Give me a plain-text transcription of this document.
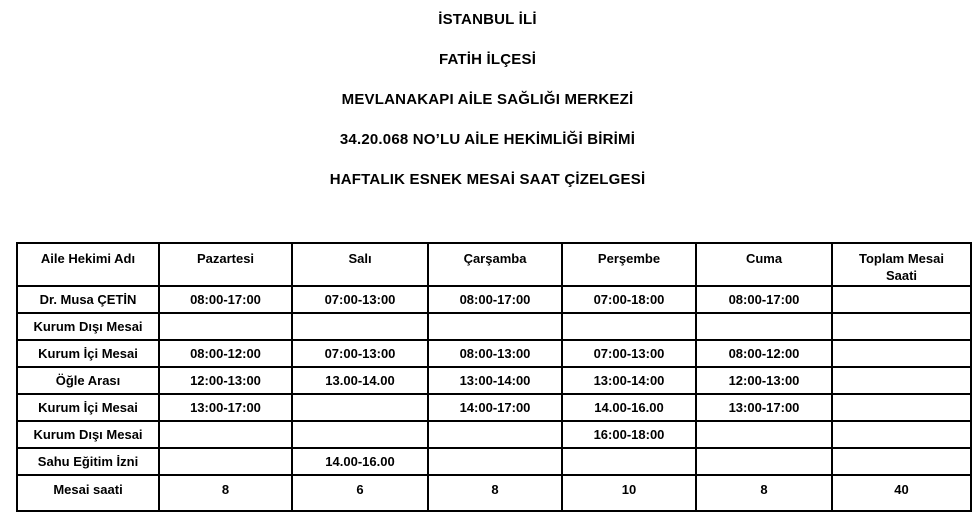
İSTANBUL İLİ
FATİH İLÇESİ
MEVLANAKAPI AİLE SAĞLIĞI MERKEZİ
34.20.068 NO’LU AİLE HEKİMLİĞİ BİRİMİ
HAFTALIK ESNEK MESAİ SAAT ÇİZELGESİ
Aile Hekimi Adı	Pazartesi	Salı	Çarşamba	Perşembe	Cuma	Toplam Mesai Saati
Dr. Musa ÇETİN	08:00-17:00	07:00-13:00	08:00-17:00	07:00-18:00	08:00-17:00	
Kurum Dışı Mesai						
Kurum İçi Mesai	08:00-12:00	07:00-13:00	08:00-13:00	07:00-13:00	08:00-12:00	
Öğle Arası	12:00-13:00	13.00-14.00	13:00-14:00	13:00-14:00	12:00-13:00	
Kurum İçi Mesai	13:00-17:00		14:00-17:00	14.00-16.00	13:00-17:00	
Kurum Dışı Mesai				16:00-18:00		
Sahu Eğitim İzni		14.00-16.00				
Mesai saati	8	6	8	10	8	40
